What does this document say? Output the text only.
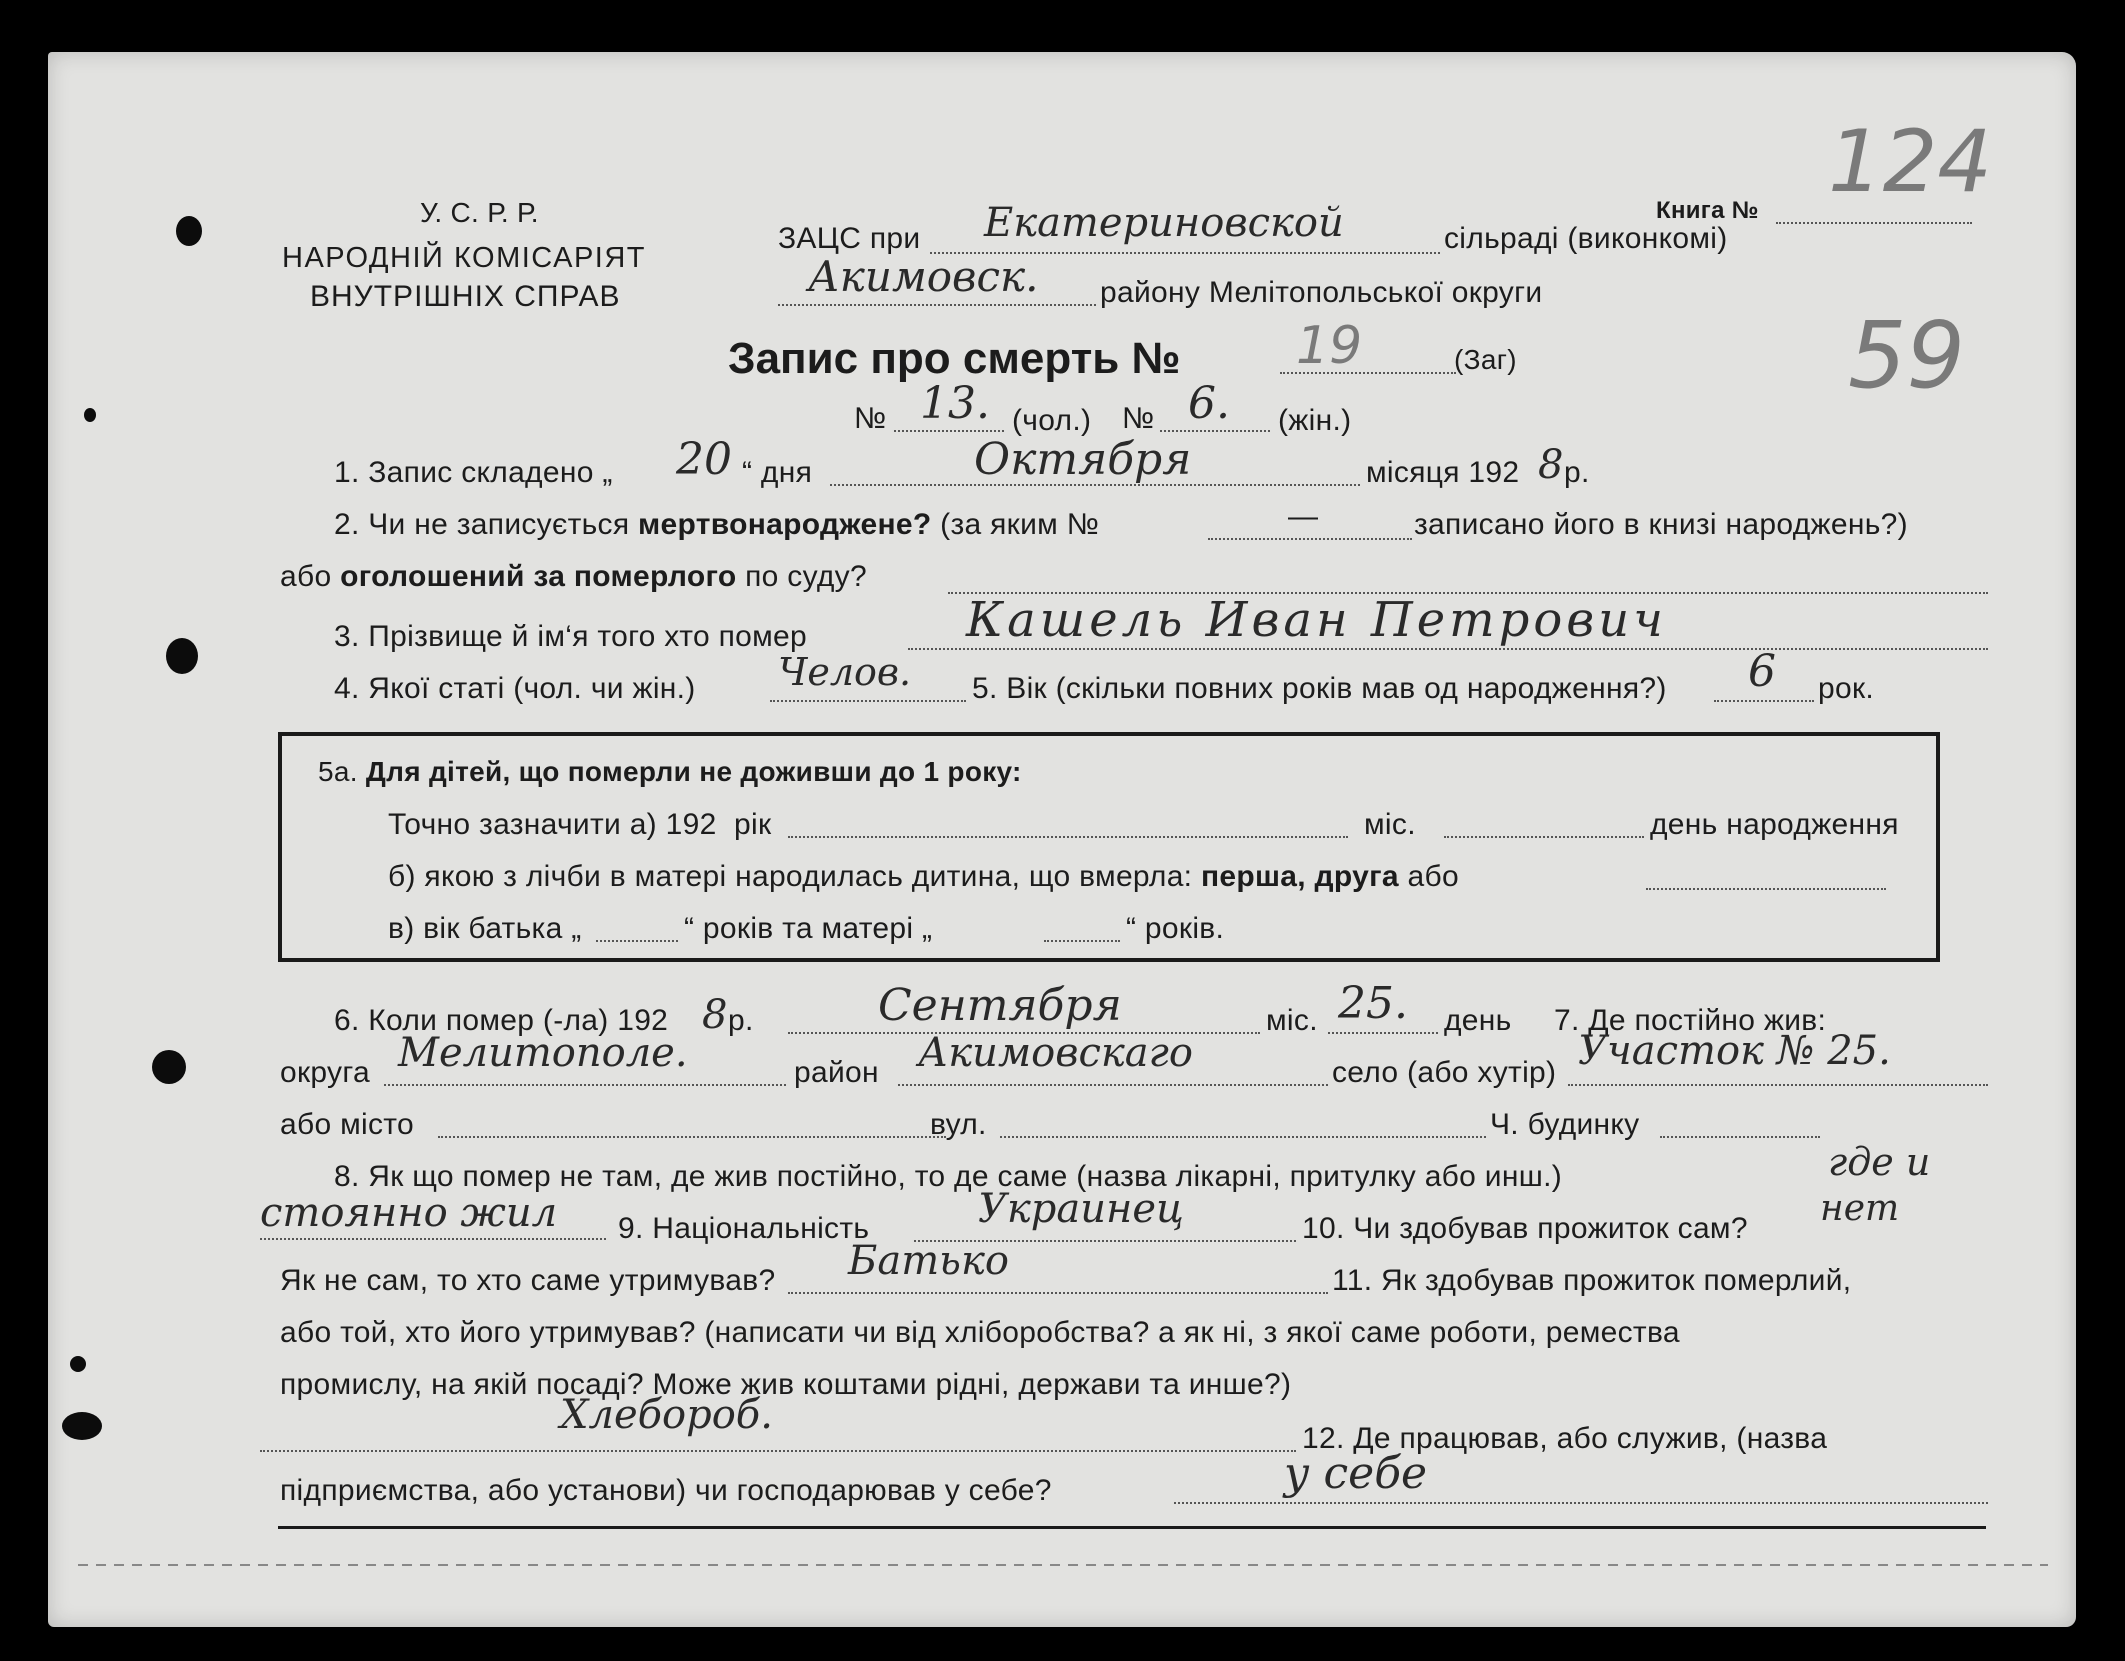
У. С. Р. Р.
НАРОДНІЙ КОМІСАРІЯТ
ВНУТРІШНІХ СПРАВ
Книга № 124
ЗАЦС при Екатериновской	сільраді (виконкомі)
Акимовск. району Мелітопольської округи
Запис про смерть № 19	(Заг)	59
№ 13. (чол.) № 6. (жін.)
1. Запис складено „ 20 “ дня	Октября	місяця 192 8 р.
2. Чи не записується мертвонароджене? (за яким №	—	записано його в книзі народжень?)
або оголошений за померлого по суду?
3. Прізвище й ім‘я того хто помер	Кашель Иван Петрович
4. Якої статі (чол. чи жін.) Челов. 5. Вік (скільки повних років мав од народження?) 6 рок.
5а. Для дітей, що померли не доживши до 1 року:
Точно зазначити а) 192 рік	міс.	день народження
б) якою з лічби в матері народилась дитина, що вмерла: перша, друга або
в) вік батька „	“ років та матері „	“ років.
6. Коли помер (-ла) 192 8 р.	Сентября	міс. 25. день 7. Де постійно жив:
округа Мелитополе.	район Акимовскаго	село (або хутір) Участок № 25.
або місто	вул.	Ч. будинку
8. Як що помер не там, де жив постійно, то де саме (назва лікарні, притулку або инш.)	где и
стоянно жил 9. Національність	Украинец	10. Чи здобував прожиток сам? нет
Як не сам, то хто саме утримував? Батько	11. Як здобував прожиток померлий,
або той, хто його утримував? (написати чи від хліборобства? а як ні, з якої саме роботи, ремества
промислу, на якій посаді? Може жив коштами рідні, держави та инше?)
Хлебороб.
12. Де працював, або служив, (назва
підприємства, або установи) чи господарював у себе?	у себе
